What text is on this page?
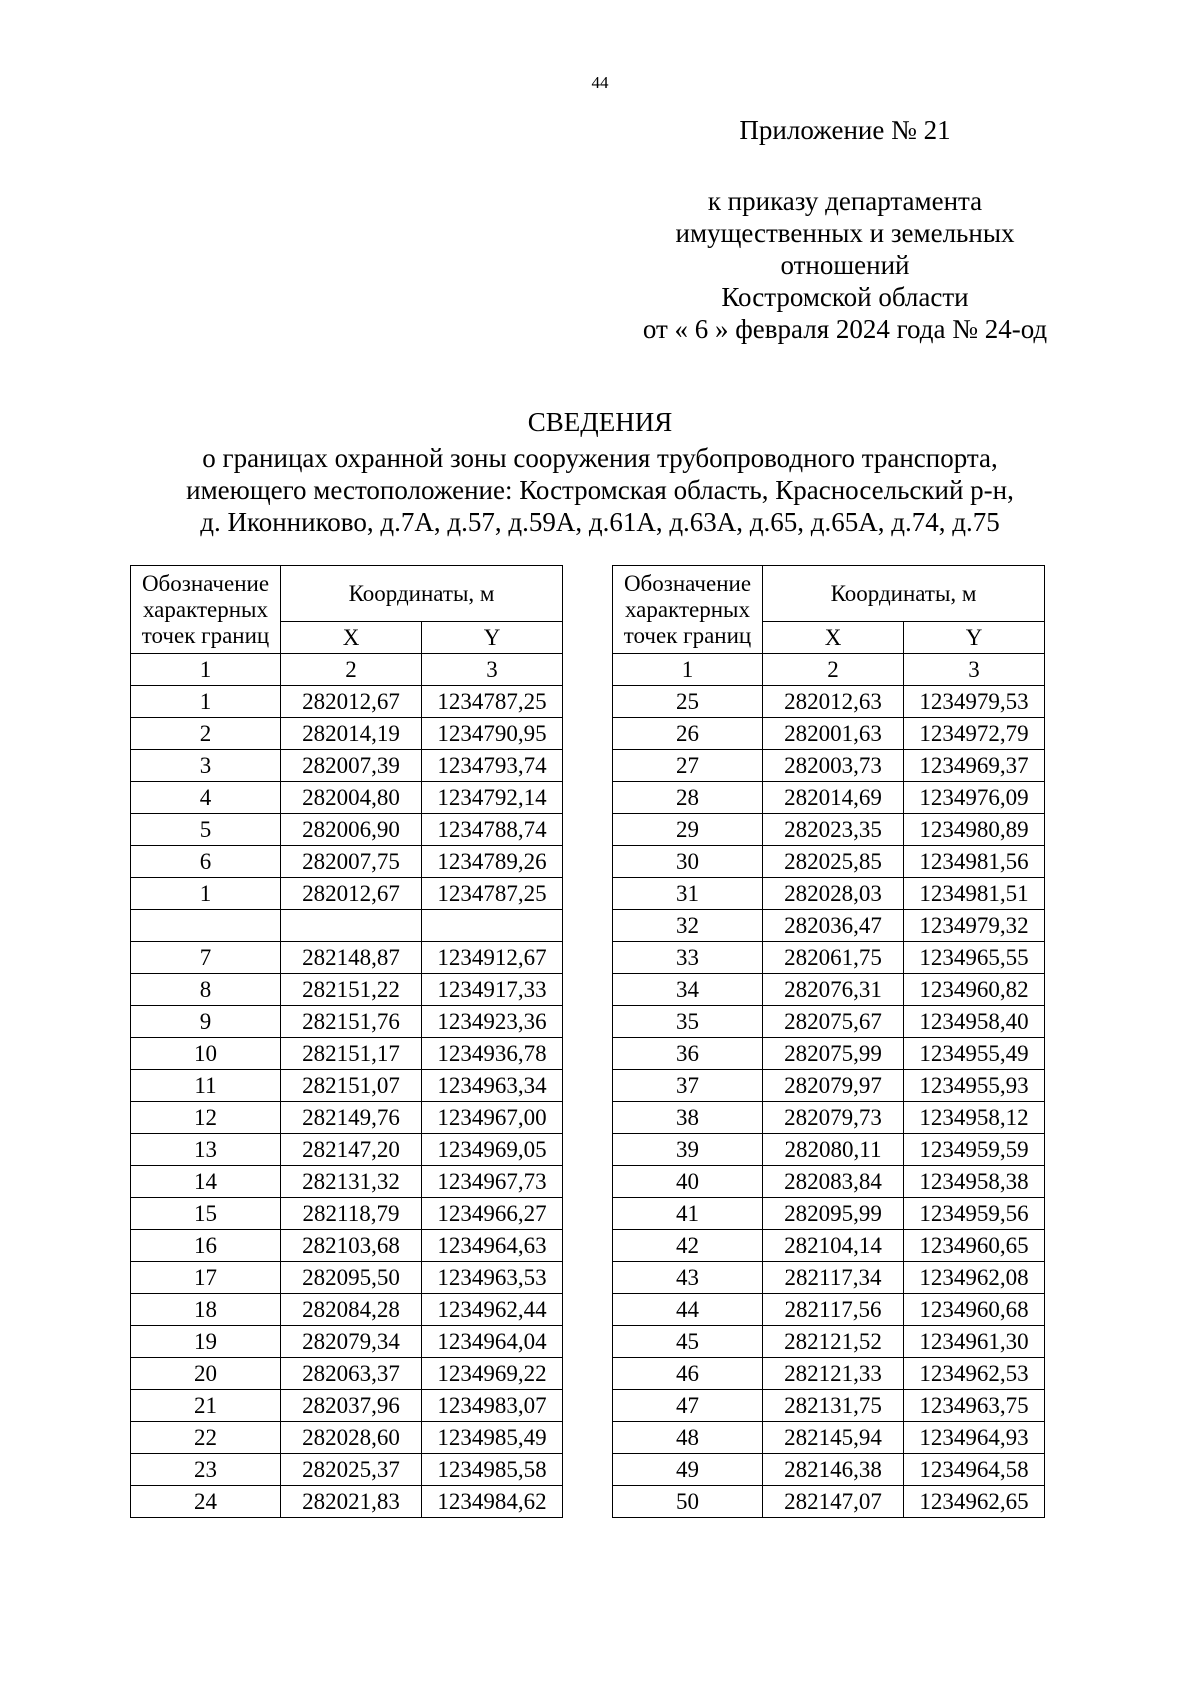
44
Приложение № 21
к приказу департамента
имущественных и земельных
отношений
Костромской области
от « 6 » февраля 2024 года № 24-од
СВЕДЕНИЯ
о границах охранной зоны сооружения трубопроводного транспорта,
имеющего местоположение: Костромская область, Красносельский р-н,
д. Иконниково, д.7А, д.57, д.59А, д.61А, д.63А, д.65, д.65А, д.74, д.75
Обозначение
характерных
точек границ	Координаты, м	
	X	Y
1	2	3
1	282012,67	1234787,25
2	282014,19	1234790,95
3	282007,39	1234793,74
4	282004,80	1234792,14
5	282006,90	1234788,74
6	282007,75	1234789,26
1	282012,67	1234787,25

7	282148,87	1234912,67
8	282151,22	1234917,33
9	282151,76	1234923,36
10	282151,17	1234936,78
11	282151,07	1234963,34
12	282149,76	1234967,00
13	282147,20	1234969,05
14	282131,32	1234967,73
15	282118,79	1234966,27
16	282103,68	1234964,63
17	282095,50	1234963,53
18	282084,28	1234962,44
19	282079,34	1234964,04
20	282063,37	1234969,22
21	282037,96	1234983,07
22	282028,60	1234985,49
23	282025,37	1234985,58
24	282021,83	1234984,62
Обозначение
характерных
точек границ	Координаты, м	
	X	Y
1	2	3
25	282012,63	1234979,53
26	282001,63	1234972,79
27	282003,73	1234969,37
28	282014,69	1234976,09
29	282023,35	1234980,89
30	282025,85	1234981,56
31	282028,03	1234981,51
32	282036,47	1234979,32
33	282061,75	1234965,55
34	282076,31	1234960,82
35	282075,67	1234958,40
36	282075,99	1234955,49
37	282079,97	1234955,93
38	282079,73	1234958,12
39	282080,11	1234959,59
40	282083,84	1234958,38
41	282095,99	1234959,56
42	282104,14	1234960,65
43	282117,34	1234962,08
44	282117,56	1234960,68
45	282121,52	1234961,30
46	282121,33	1234962,53
47	282131,75	1234963,75
48	282145,94	1234964,93
49	282146,38	1234964,58
50	282147,07	1234962,65
